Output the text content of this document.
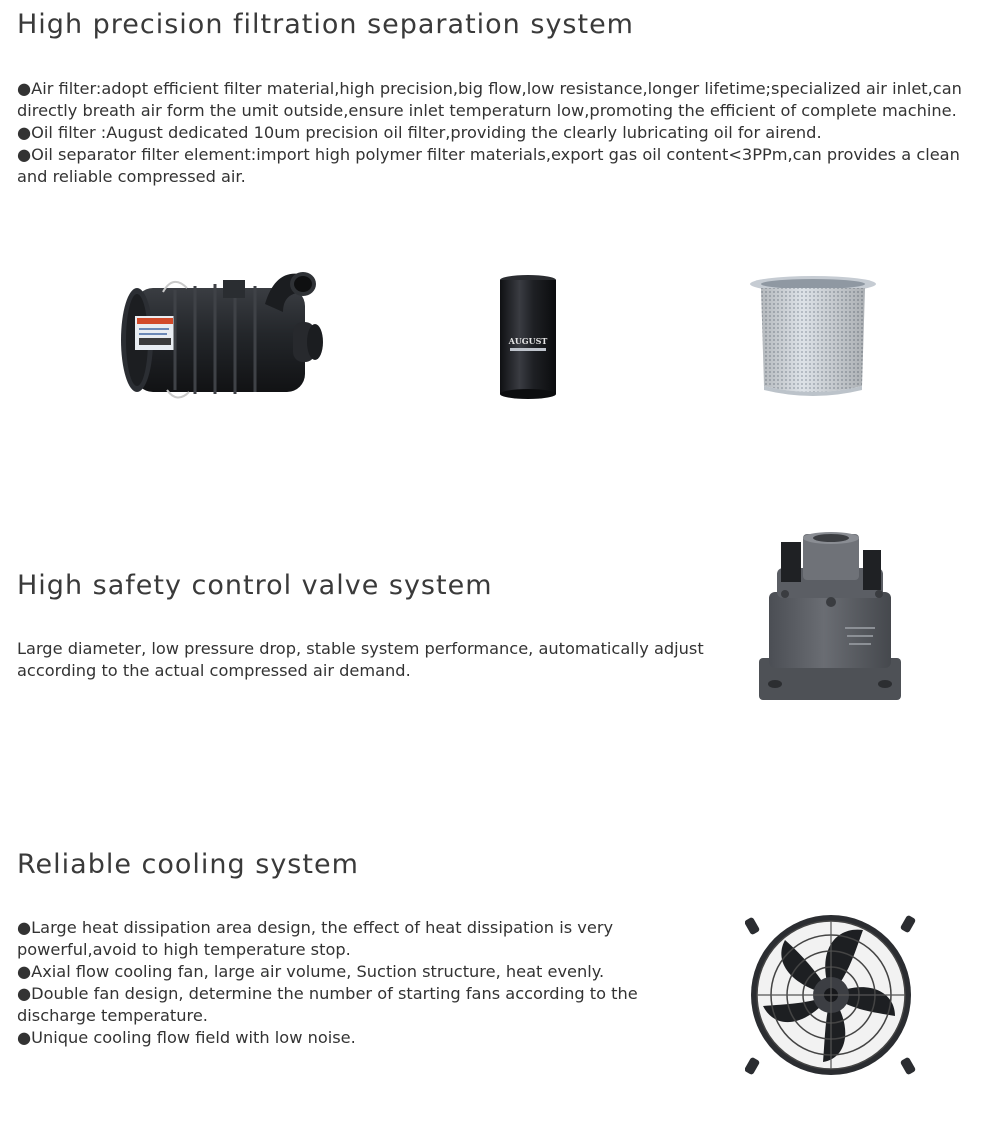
High precision filtration separation system

●Air filter:adopt efficient filter material,high precision,big flow,low resistance,longer lifetime;specialized air inlet,can directly breath air form the umit outside,ensure inlet temperaturn low,promoting the efficient of complete machine.

●Oil filter :August dedicated 10um precision oil filter,providing the clearly lubricating oil for airend.

●Oil separator filter element:import high polymer filter materials,export gas oil content<3PPm,can provides a clean and reliable compressed air.

AUGUST
High safety control valve system

Large diameter, low pressure drop, stable system performance, automatically adjust according to the actual compressed air demand.

Reliable cooling system

●Large heat dissipation area design, the effect of heat dissipation is very powerful,avoid to high temperature stop.

●Axial flow cooling fan, large air volume, Suction structure, heat evenly.

●Double fan design, determine the number of starting fans according to the discharge temperature.

●Unique cooling flow field with low noise.
